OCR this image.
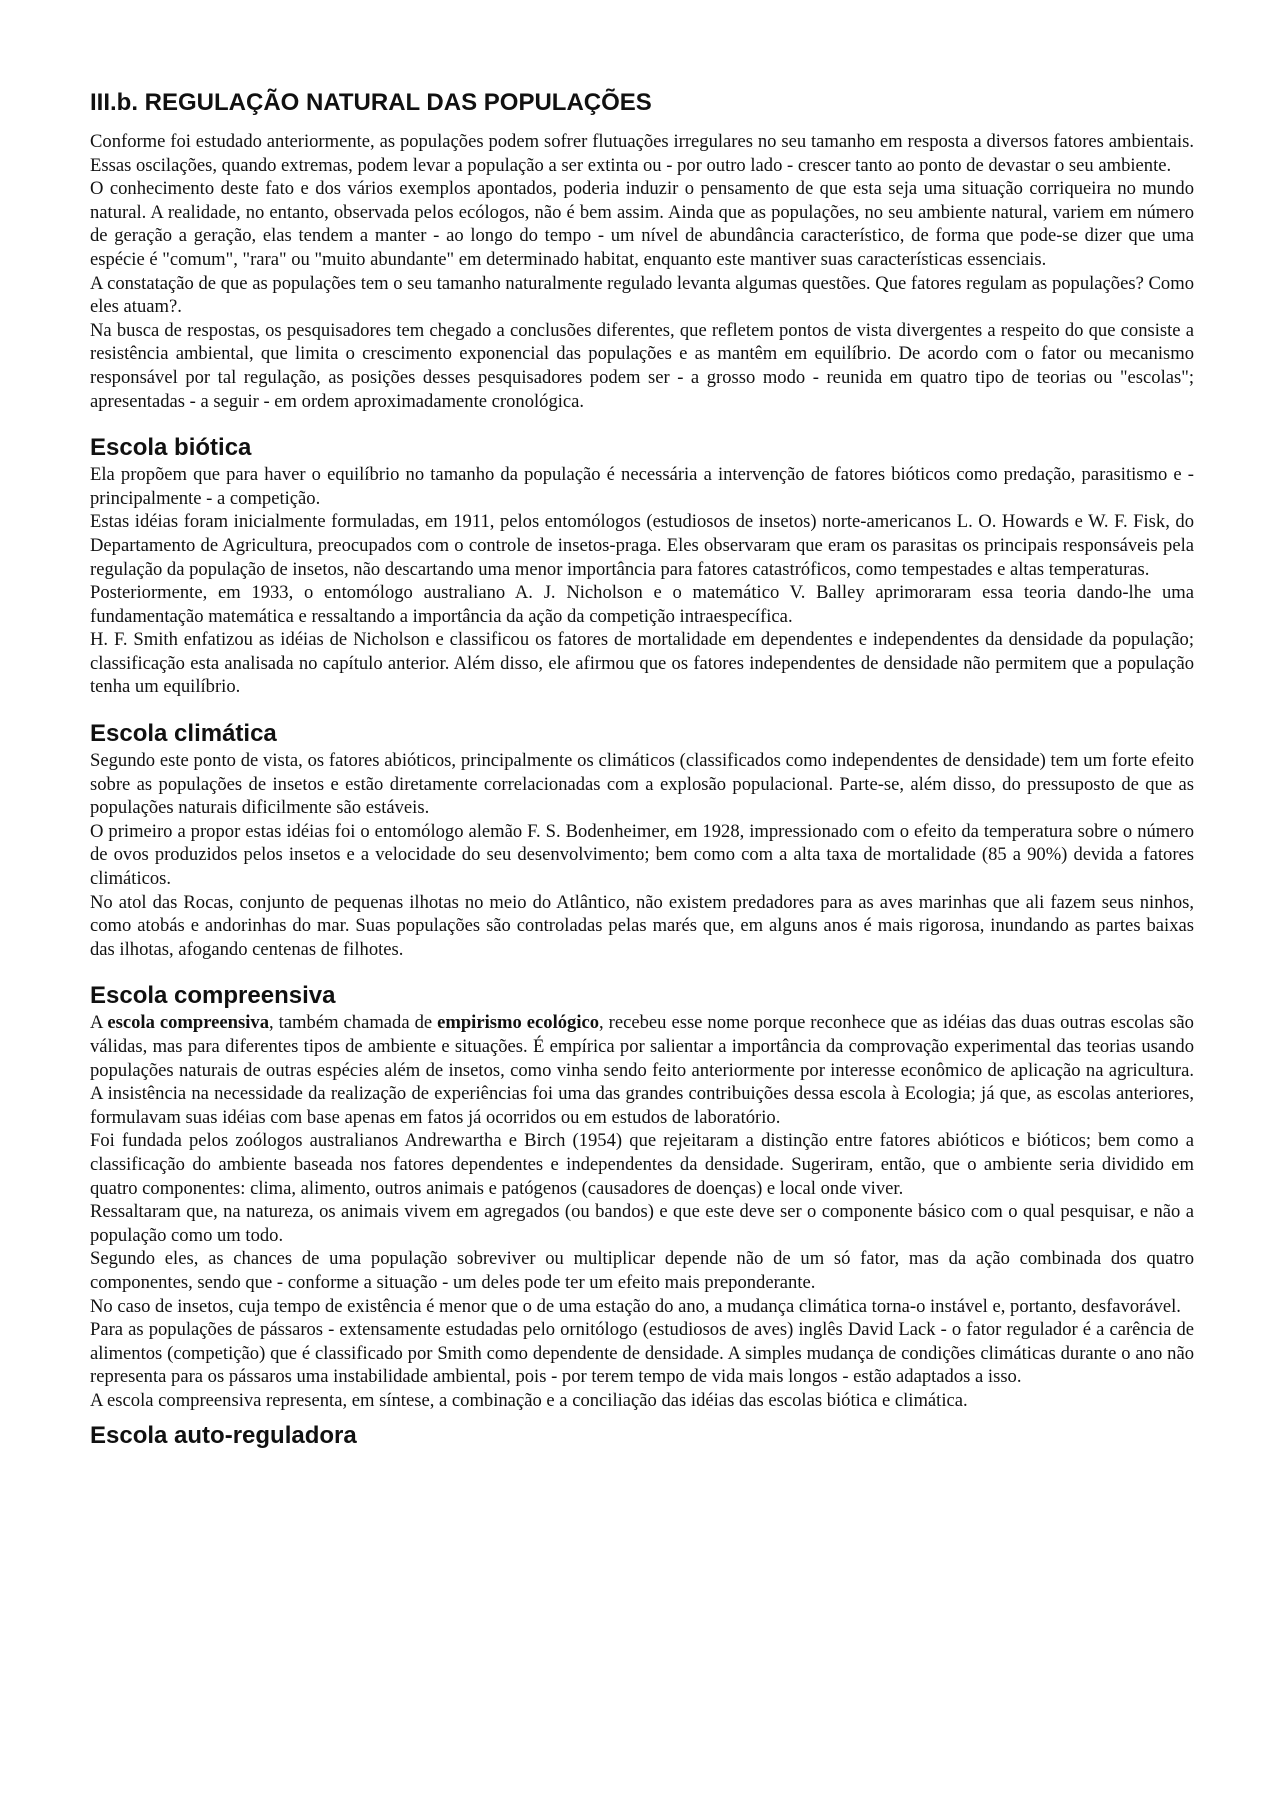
III.b. REGULAÇÃO NATURAL DAS POPULAÇÕES

Conforme foi estudado anteriormente, as populações podem sofrer flutuações irregulares no seu tamanho em resposta a diversos fatores ambientais. Essas oscilações, quando extremas, podem levar a população a ser extinta ou - por outro lado - crescer tanto ao ponto de devastar o seu ambiente.

O conhecimento deste fato e dos vários exemplos apontados, poderia induzir o pensamento de que esta seja uma situação corriqueira no mundo natural. A realidade, no entanto, observada pelos ecólogos, não é bem assim. Ainda que as populações, no seu ambiente natural, variem em número de geração a geração, elas tendem a manter - ao longo do tempo - um nível de abundância característico, de forma que pode-se dizer que uma espécie é "comum", "rara" ou "muito abundante" em determinado habitat, enquanto este mantiver suas características essenciais.

A constatação de que as populações tem o seu tamanho naturalmente regulado levanta algumas questões. Que fatores regulam as populações? Como eles atuam?.

Na busca de respostas, os pesquisadores tem chegado a conclusões diferentes, que refletem pontos de vista divergentes a respeito do que consiste a resistência ambiental, que limita o crescimento exponencial das populações e as mantêm em equilíbrio. De acordo com o fator ou mecanismo responsável por tal regulação, as posições desses pesquisadores podem ser - a grosso modo - reunida em quatro tipo de teorias ou "escolas"; apresentadas - a seguir - em ordem aproximadamente cronológica.

Escola biótica

Ela propõem que para haver o equilíbrio no tamanho da população é necessária a intervenção de fatores bióticos como predação, parasitismo e - principalmente - a competição.

Estas idéias foram inicialmente formuladas, em 1911, pelos entomólogos (estudiosos de insetos) norte-americanos L. O. Howards e W. F. Fisk, do Departamento de Agricultura, preocupados com o controle de insetos-praga. Eles observaram que eram os parasitas os principais responsáveis pela regulação da população de insetos, não descartando uma menor importância para fatores catastróficos, como tempestades e altas temperaturas.

Posteriormente, em 1933, o entomólogo australiano A. J. Nicholson e o matemático V. Balley aprimoraram essa teoria dando-lhe uma fundamentação matemática e ressaltando a importância da ação da competição intraespecífica.

H. F. Smith enfatizou as idéias de Nicholson e classificou os fatores de mortalidade em dependentes e independentes da densidade da população; classificação esta analisada no capítulo anterior. Além disso, ele afirmou que os fatores independentes de densidade não permitem que a população tenha um equilíbrio.

Escola climática

Segundo este ponto de vista, os fatores abióticos, principalmente os climáticos (classificados como independentes de densidade) tem um forte efeito sobre as populações de insetos e estão diretamente correlacionadas com a explosão populacional. Parte-se, além disso, do pressuposto de que as populações naturais dificilmente são estáveis.

O primeiro a propor estas idéias foi o entomólogo alemão F. S. Bodenheimer, em 1928, impressionado com o efeito da temperatura sobre o número de ovos produzidos pelos insetos e a velocidade do seu desenvolvimento; bem como com a alta taxa de mortalidade (85 a 90%) devida a fatores climáticos.

No atol das Rocas, conjunto de pequenas ilhotas no meio do Atlântico, não existem predadores para as aves marinhas que ali fazem seus ninhos, como atobás e andorinhas do mar. Suas populações são controladas pelas marés que, em alguns anos é mais rigorosa, inundando as partes baixas das ilhotas, afogando centenas de filhotes.

Escola compreensiva

A escola compreensiva, também chamada de empirismo ecológico, recebeu esse nome porque reconhece que as idéias das duas outras escolas são válidas, mas para diferentes tipos de ambiente e situações. É empírica por salientar a importância da comprovação experimental das teorias usando populações naturais de outras espécies além de insetos, como vinha sendo feito anteriormente por interesse econômico de aplicação na agricultura. A insistência na necessidade da realização de experiências foi uma das grandes contribuições dessa escola à Ecologia; já que, as escolas anteriores, formulavam suas idéias com base apenas em fatos já ocorridos ou em estudos de laboratório.

Foi fundada pelos zoólogos australianos Andrewartha e Birch (1954) que rejeitaram a distinção entre fatores abióticos e bióticos; bem como a classificação do ambiente baseada nos fatores dependentes e independentes da densidade. Sugeriram, então, que o ambiente seria dividido em quatro componentes: clima, alimento, outros animais e patógenos (causadores de doenças) e local onde viver.

Ressaltaram que, na natureza, os animais vivem em agregados (ou bandos) e que este deve ser o componente básico com o qual pesquisar, e não a população como um todo.

Segundo eles, as chances de uma população sobreviver ou multiplicar depende não de um só fator, mas da ação combinada dos quatro componentes, sendo que - conforme a situação - um deles pode ter um efeito mais preponderante.

No caso de insetos, cuja tempo de existência é menor que o de uma estação do ano, a mudança climática torna-o instável e, portanto, desfavorável.

Para as populações de pássaros - extensamente estudadas pelo ornitólogo (estudiosos de aves) inglês David Lack - o fator regulador é a carência de alimentos (competição) que é classificado por Smith como dependente de densidade. A simples mudança de condições climáticas durante o ano não representa para os pássaros uma instabilidade ambiental, pois - por terem tempo de vida mais longos - estão adaptados a isso.

A escola compreensiva representa, em síntese, a combinação e a conciliação das idéias das escolas biótica e climática.

Escola auto-reguladora
